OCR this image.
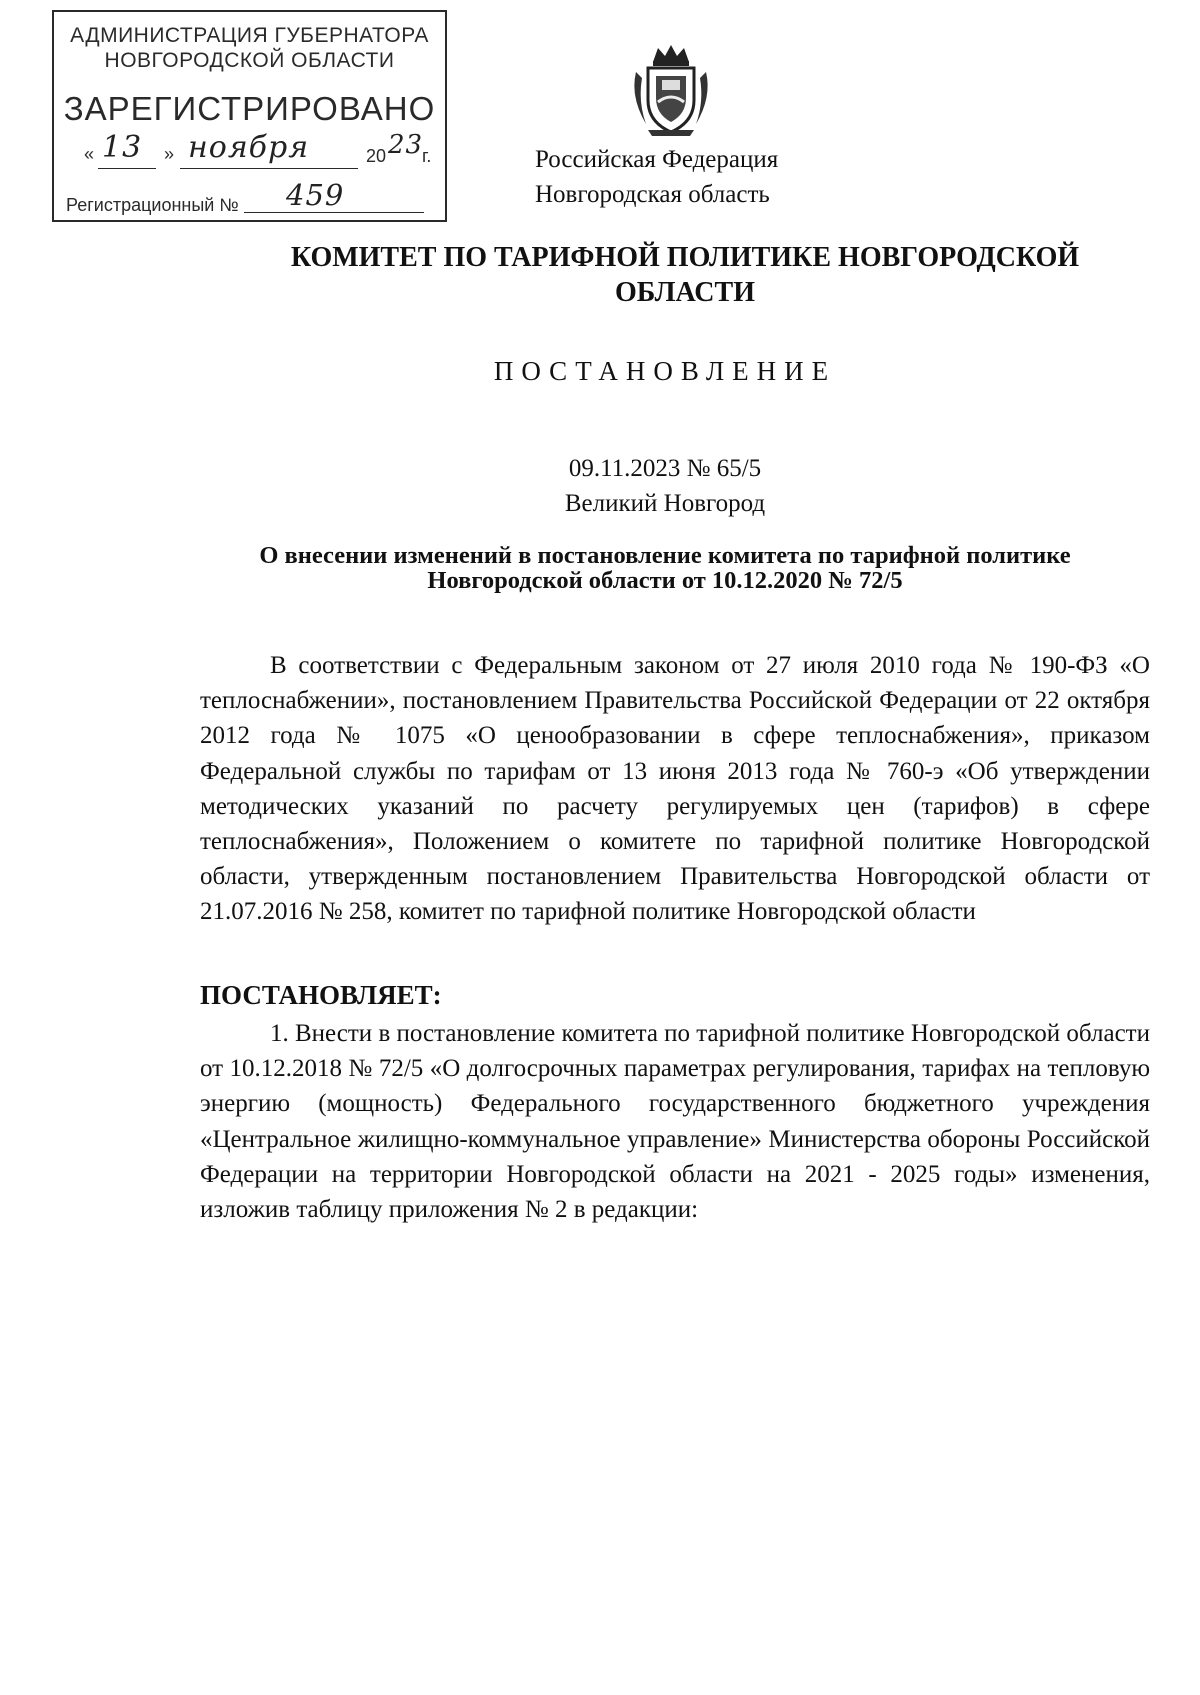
АДМИНИСТРАЦИЯ ГУБЕРНАТОРА
НОВГОРОДСКОЙ ОБЛАСТИ
ЗАРЕГИСТРИРОВАНО
« 13 » ноября	20 23
г.
Регистрационный № 459
Российская Федерация
Новгородская область
КОМИТЕТ ПО ТАРИФНОЙ ПОЛИТИКЕ НОВГОРОДСКОЙ
ОБЛАСТИ
ПОСТАНОВЛЕНИЕ
09.11.2023 № 65/5
Великий Новгород
О внесении изменений в постановление комитета по тарифной политике
Новгородской области от 10.12.2020 № 72/5

В соответствии с Федеральным законом от 27 июля 2010 года № 190-ФЗ «О теплоснабжении», постановлением Правительства Российской Федерации от 22 октября 2012 года № 1075 «О ценообразовании в сфере теплоснабжения», приказом Федеральной службы по тарифам от 13 июня 2013 года № 760-э «Об утверждении методических указаний по расчету регулируемых цен (тарифов) в сфере теплоснабжения», Положением о комитете по тарифной политике Новгородской области, утвержденным постановлением Правительства Новгородской области от 21.07.2016 № 258, комитет по тарифной политике Новгородской области

ПОСТАНОВЛЯЕТ:

1. Внести в постановление комитета по тарифной политике Новгородской области от 10.12.2018 № 72/5 «О долгосрочных параметрах регулирования, тарифах на тепловую энергию (мощность) Федерального государственного бюджетного учреждения «Центральное жилищно-коммунальное управление» Министерства обороны Российской Федерации на территории Новгородской области на 2021 - 2025 годы» изменения, изложив таблицу приложения № 2 в редакции:
